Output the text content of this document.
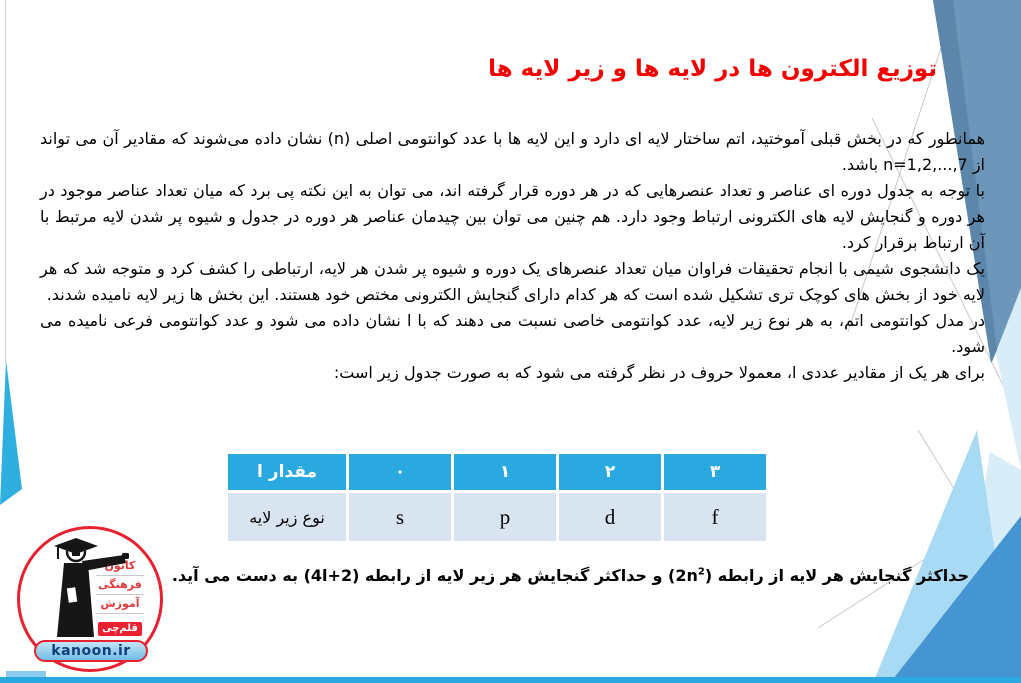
توزیع الکترون ها در لایه ها و زیر لایه ها

همانطور که در بخش قبلی آموختید، اتم ساختار لایه ای دارد و این لایه ها با عدد کوانتومی اصلی (n) نشان داده می‌شوند که مقادیر آن می تواند از n=1,2,...,7 باشد.

با توجه به جدول دوره ای عناصر و تعداد عنصرهایی که در هر دوره قرار گرفته اند، می توان به این نکته پی برد که میان تعداد عناصر موجود در هر دوره و گنجایش لایه های الکترونی ارتباط وجود دارد. هم چنین می توان بین چیدمان عناصر هر دوره در جدول و شیوه پر شدن لایه مرتبط با آن ارتباط برقرار کرد.

یک دانشجوی شیمی با انجام تحقیقات فراوان میان تعداد عنصرهای یک دوره و شیوه پر شدن هر لایه، ارتباطی را کشف کرد و متوجه شد که هر لایه خود از بخش های کوچک تری تشکیل شده است که هر کدام دارای گنجایش الکترونی مختص خود هستند. این بخش ها زیر لایه نامیده شدند.

در مدل کوانتومی اتم، به هر نوع زیر لایه، عدد کوانتومی خاصی نسبت می دهند که با l نشان داده می شود و عدد کوانتومی فرعی نامیده می شود.

برای هر یک از مقادیر عددی l، معمولا حروف در نظر گرفته می شود که به صورت جدول زیر است:

مقدار l	۰	۱	۲	۳
نوع زیر لایه	s	p	d	f
حداکثر گنجایش هر لایه از رابطه $(2n^2)$ و حداکثر گنجایش هر زیر لایه از رابطه (4l+2) به دست می آید.
کانون
فرهنگی
آموزش
قلم‌چی
kanoon.ir
